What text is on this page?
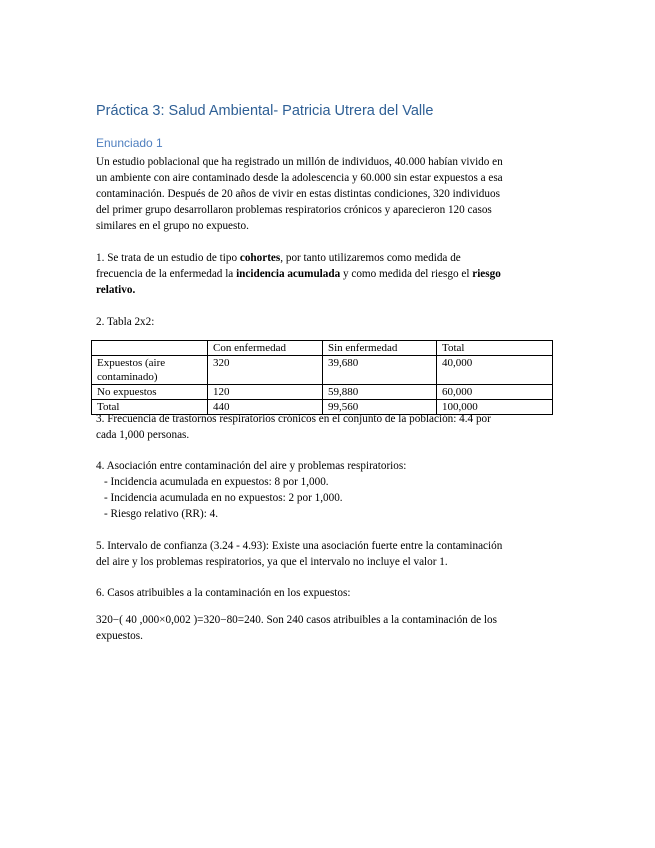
Práctica 3: Salud Ambiental- Patricia Utrera del Valle
Enunciado 1
Un estudio poblacional que ha registrado un millón de individuos, 40.000 habían vivido en
un ambiente con aire contaminado desde la adolescencia y 60.000 sin estar expuestos a esa
contaminación. Después de 20 años de vivir en estas distintas condiciones, 320 individuos
del primer grupo desarrollaron problemas respiratorios crónicos y aparecieron 120 casos
similares en el grupo no expuesto.
1. Se trata de un estudio de tipo cohortes, por tanto utilizaremos como medida de
frecuencia de la enfermedad la incidencia acumulada y como medida del riesgo el riesgo
relativo.
2. Tabla 2x2:
	Con enfermedad	Sin enfermedad	Total

Expuestos (aire
contaminado)	320	39,680	40,000
No expuestos	120	59,880	60,000
Total	440	99,560	100,000
3. Frecuencia de trastornos respiratorios crónicos en el conjunto de la población: 4.4 por
cada 1,000 personas.
4. Asociación entre contaminación del aire y problemas respiratorios:
- Incidencia acumulada en expuestos: 8 por 1,000.
- Incidencia acumulada en no expuestos: 2 por 1,000.
- Riesgo relativo (RR): 4.
5. Intervalo de confianza (3.24 - 4.93): Existe una asociación fuerte entre la contaminación
del aire y los problemas respiratorios, ya que el intervalo no incluye el valor 1.
6. Casos atribuibles a la contaminación en los expuestos:
320−( 40 ,000×0,002 )=320−80=240. Son 240 casos atribuibles a la contaminación de los
expuestos.
